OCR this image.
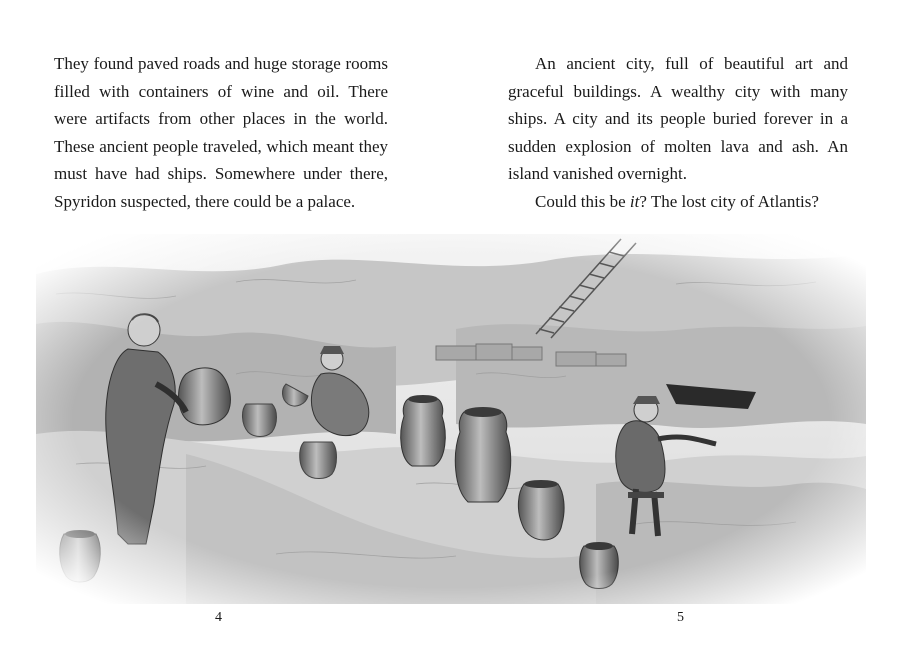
They found paved roads and huge storage rooms filled with containers of wine and oil. There were artifacts from other places in the world. These ancient people traveled, which meant they must have had ships. Somewhere under there, Spyridon suspected, there could be a palace.

An ancient city, full of beautiful art and graceful buildings. A wealthy city with many ships. A city and its people buried forever in a sudden explosion of molten lava and ash. An island vanished overnight.

Could this be it? The lost city of Atlantis?

4	5
